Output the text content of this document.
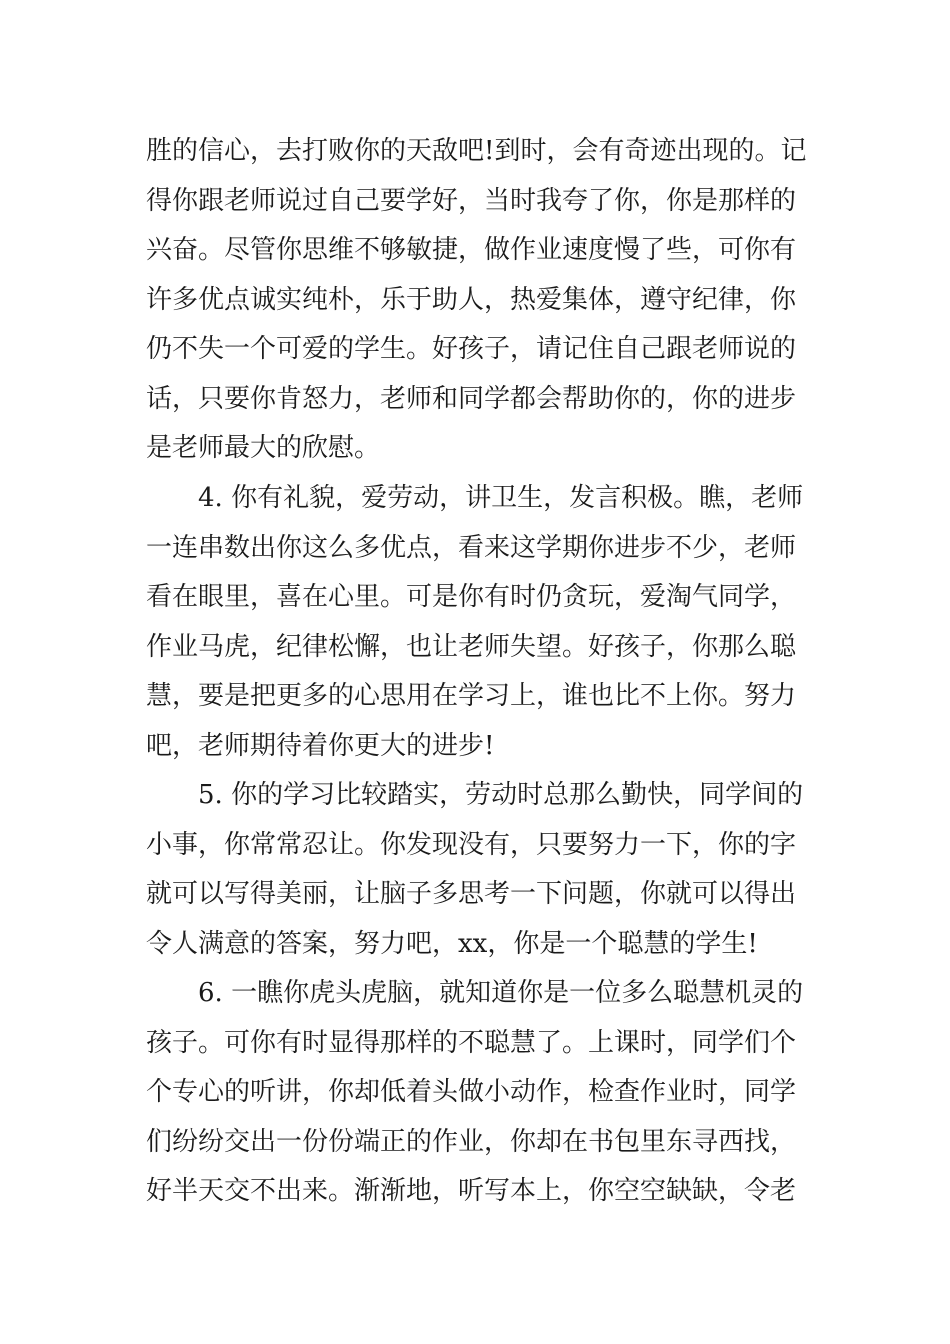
胜的信心，去打败你的天敌吧!到时，会有奇迹出现的。记
得你跟老师说过自己要学好，当时我夸了你，你是那样的
兴奋。尽管你思维不够敏捷，做作业速度慢了些，可你有
许多优点诚实纯朴，乐于助人，热爱集体，遵守纪律，你
仍不失一个可爱的学生。好孩子，请记住自己跟老师说的
话，只要你肯怒力，老师和同学都会帮助你的，你的进步
是老师最大的欣慰。
4. 你有礼貌，爱劳动，讲卫生，发言积极。瞧，老师
一连串数出你这么多优点，看来这学期你进步不少，老师
看在眼里，喜在心里。可是你有时仍贪玩，爱淘气同学，
作业马虎，纪律松懈，也让老师失望。好孩子，你那么聪
慧，要是把更多的心思用在学习上，谁也比不上你。努力
吧，老师期待着你更大的进步!
5. 你的学习比较踏实，劳动时总那么勤快，同学间的
小事，你常常忍让。你发现没有，只要努力一下，你的字
就可以写得美丽，让脑子多思考一下问题，你就可以得出
令人满意的答案，努力吧，xx，你是一个聪慧的学生!
6. 一瞧你虎头虎脑，就知道你是一位多么聪慧机灵的
孩子。可你有时显得那样的不聪慧了。上课时，同学们个
个专心的听讲，你却低着头做小动作，检查作业时，同学
们纷纷交出一份份端正的作业，你却在书包里东寻西找，
好半天交不出来。渐渐地，听写本上，你空空缺缺，令老
